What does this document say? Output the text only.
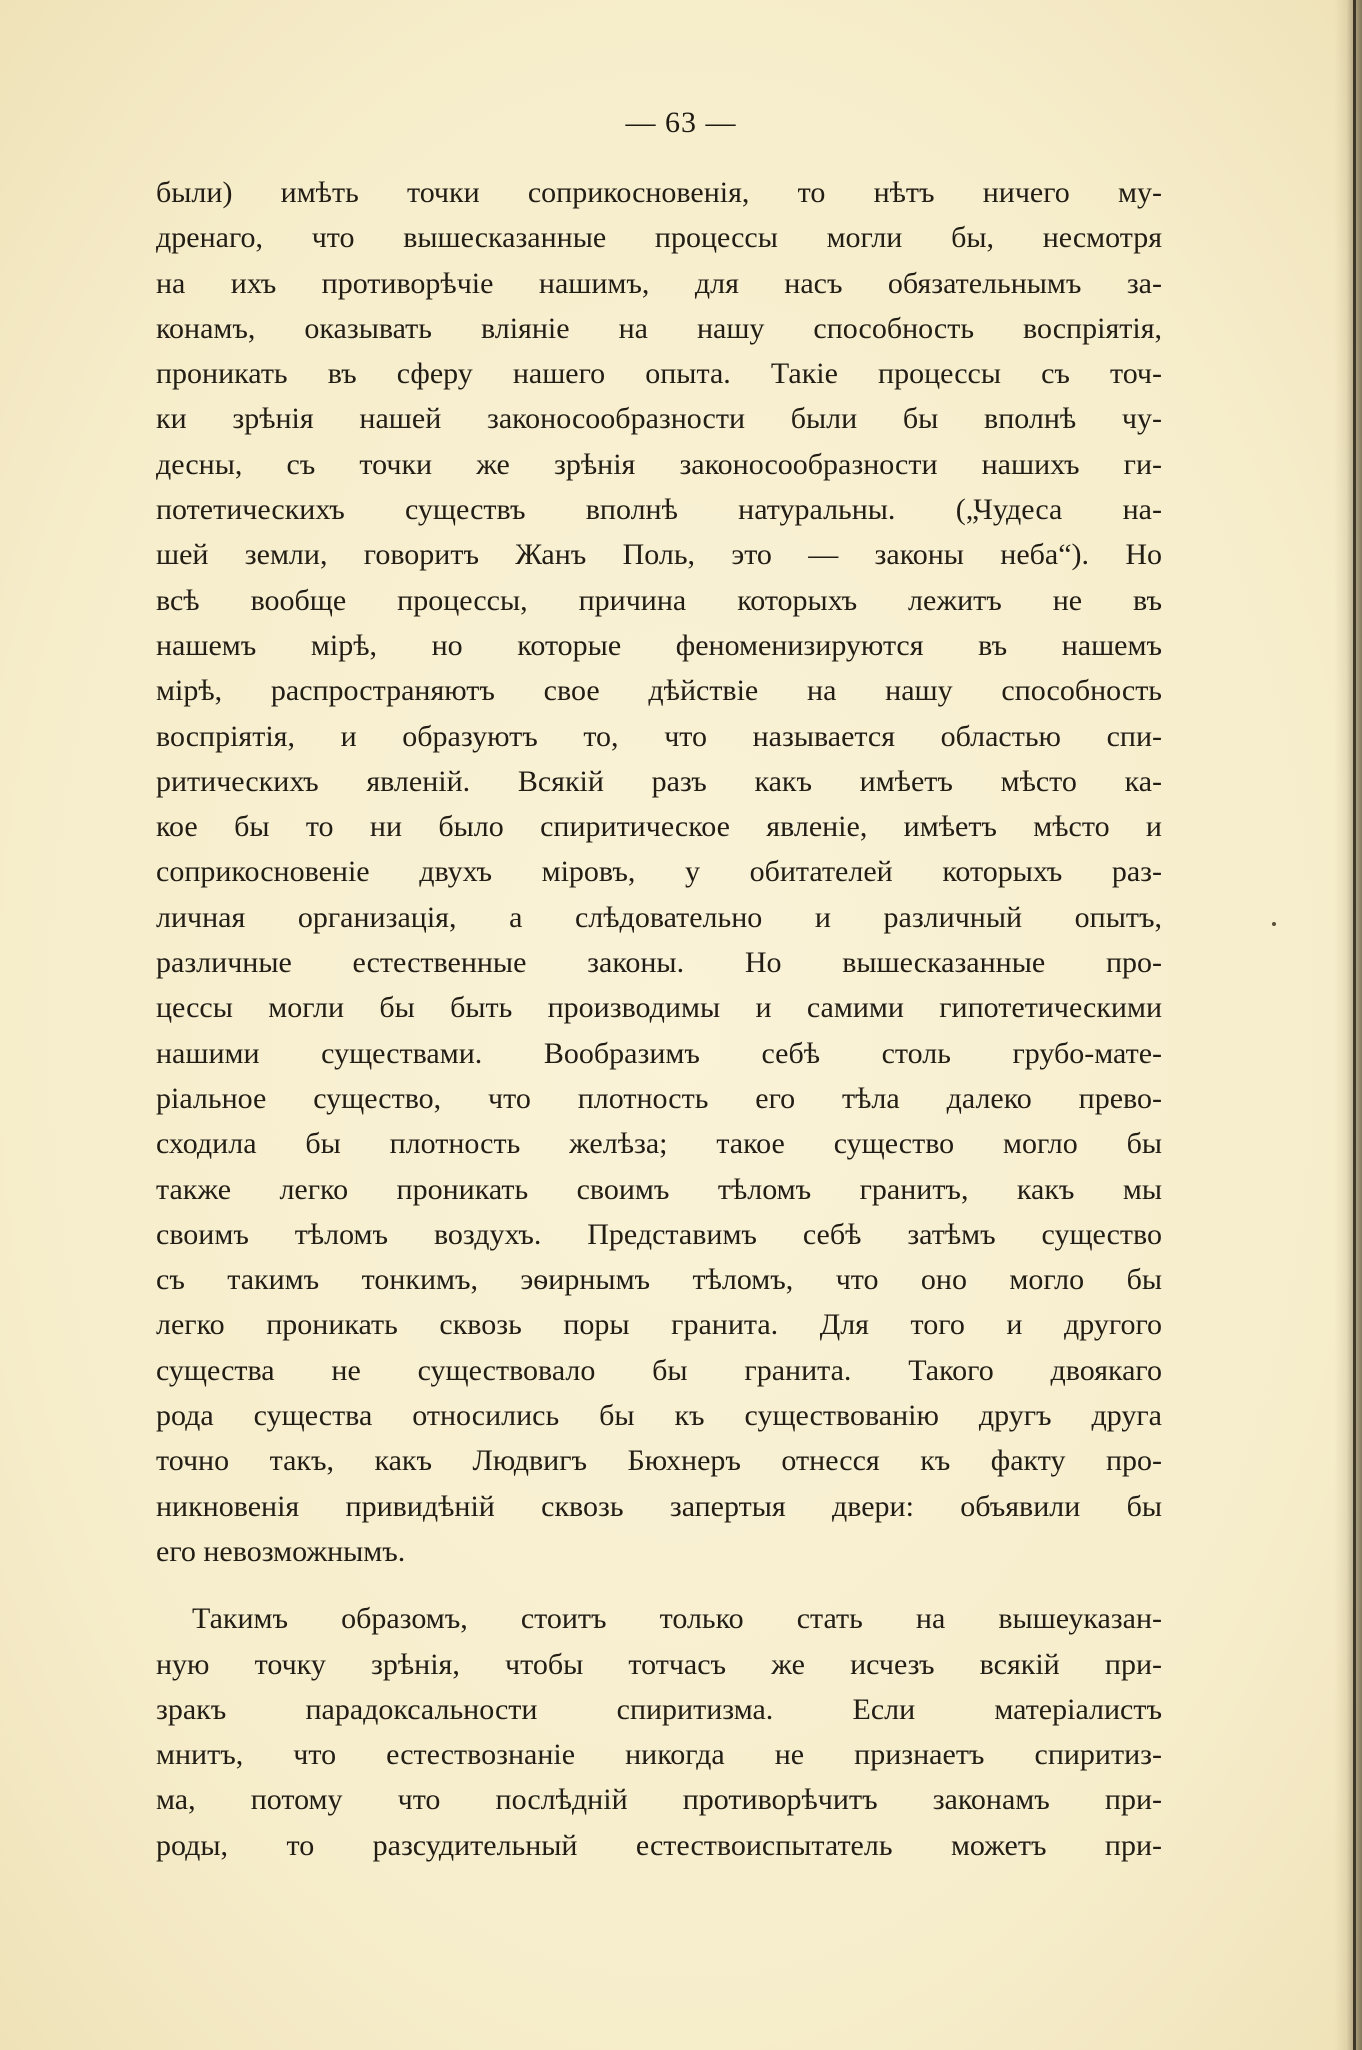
— 63 —
были) имѣть точки соприкосновенія, то нѣтъ ничего му-
дренаго, что вышесказанные процессы могли бы, несмотря
на ихъ противорѣчіе нашимъ, для насъ обязательнымъ за-
конамъ, оказывать вліяніе на нашу способность воспріятія,
проникать въ сферу нашего опыта. Такіе процессы съ точ-
ки зрѣнія нашей законосообразности были бы вполнѣ чу-
десны, съ точки же зрѣнія законосообразности нашихъ ги-
потетическихъ существъ вполнѣ натуральны. („Чудеса на-
шей земли, говоритъ Жанъ Поль, это — законы неба“). Но
всѣ вообще процессы, причина которыхъ лежитъ не въ
нашемъ мірѣ, но которые феноменизируются въ нашемъ
мірѣ, распространяютъ свое дѣйствіе на нашу способность
воспріятія, и образуютъ то, что называется областью спи-
ритическихъ явленій. Всякій разъ какъ имѣетъ мѣсто ка-
кое бы то ни было спиритическое явленіе, имѣетъ мѣсто и
соприкосновеніе двухъ міровъ, у обитателей которыхъ раз-
личная организація, а слѣдовательно и различный опытъ,
различные естественные законы. Но вышесказанные про-
цессы могли бы быть производимы и самими гипотетическими
нашими существами. Вообразимъ себѣ столь грубо-мате-
ріальное существо, что плотность его тѣла далеко прево-
сходила бы плотность желѣза; такое существо могло бы
также легко проникать своимъ тѣломъ гранитъ, какъ мы
своимъ тѣломъ воздухъ. Представимъ себѣ затѣмъ существо
съ такимъ тонкимъ, эѳирнымъ тѣломъ, что оно могло бы
легко проникать сквозь поры гранита. Для того и другого
существа не существовало бы гранита. Такого двоякаго
рода существа относились бы къ существованію другъ друга
точно такъ, какъ Людвигъ Бюхнеръ отнесся къ факту про-
никновенія привидѣній сквозь запертыя двери: объявили бы
его невозможнымъ.
Такимъ образомъ, стоитъ только стать на вышеуказан-
ную точку зрѣнія, чтобы тотчасъ же исчезъ всякій при-
зракъ парадоксальности спиритизма. Если матеріалистъ
мнитъ, что естествознаніе никогда не признаетъ спиритиз-
ма, потому что послѣдній противорѣчитъ законамъ при-
роды, то разсудительный естествоиспытатель можетъ при-
